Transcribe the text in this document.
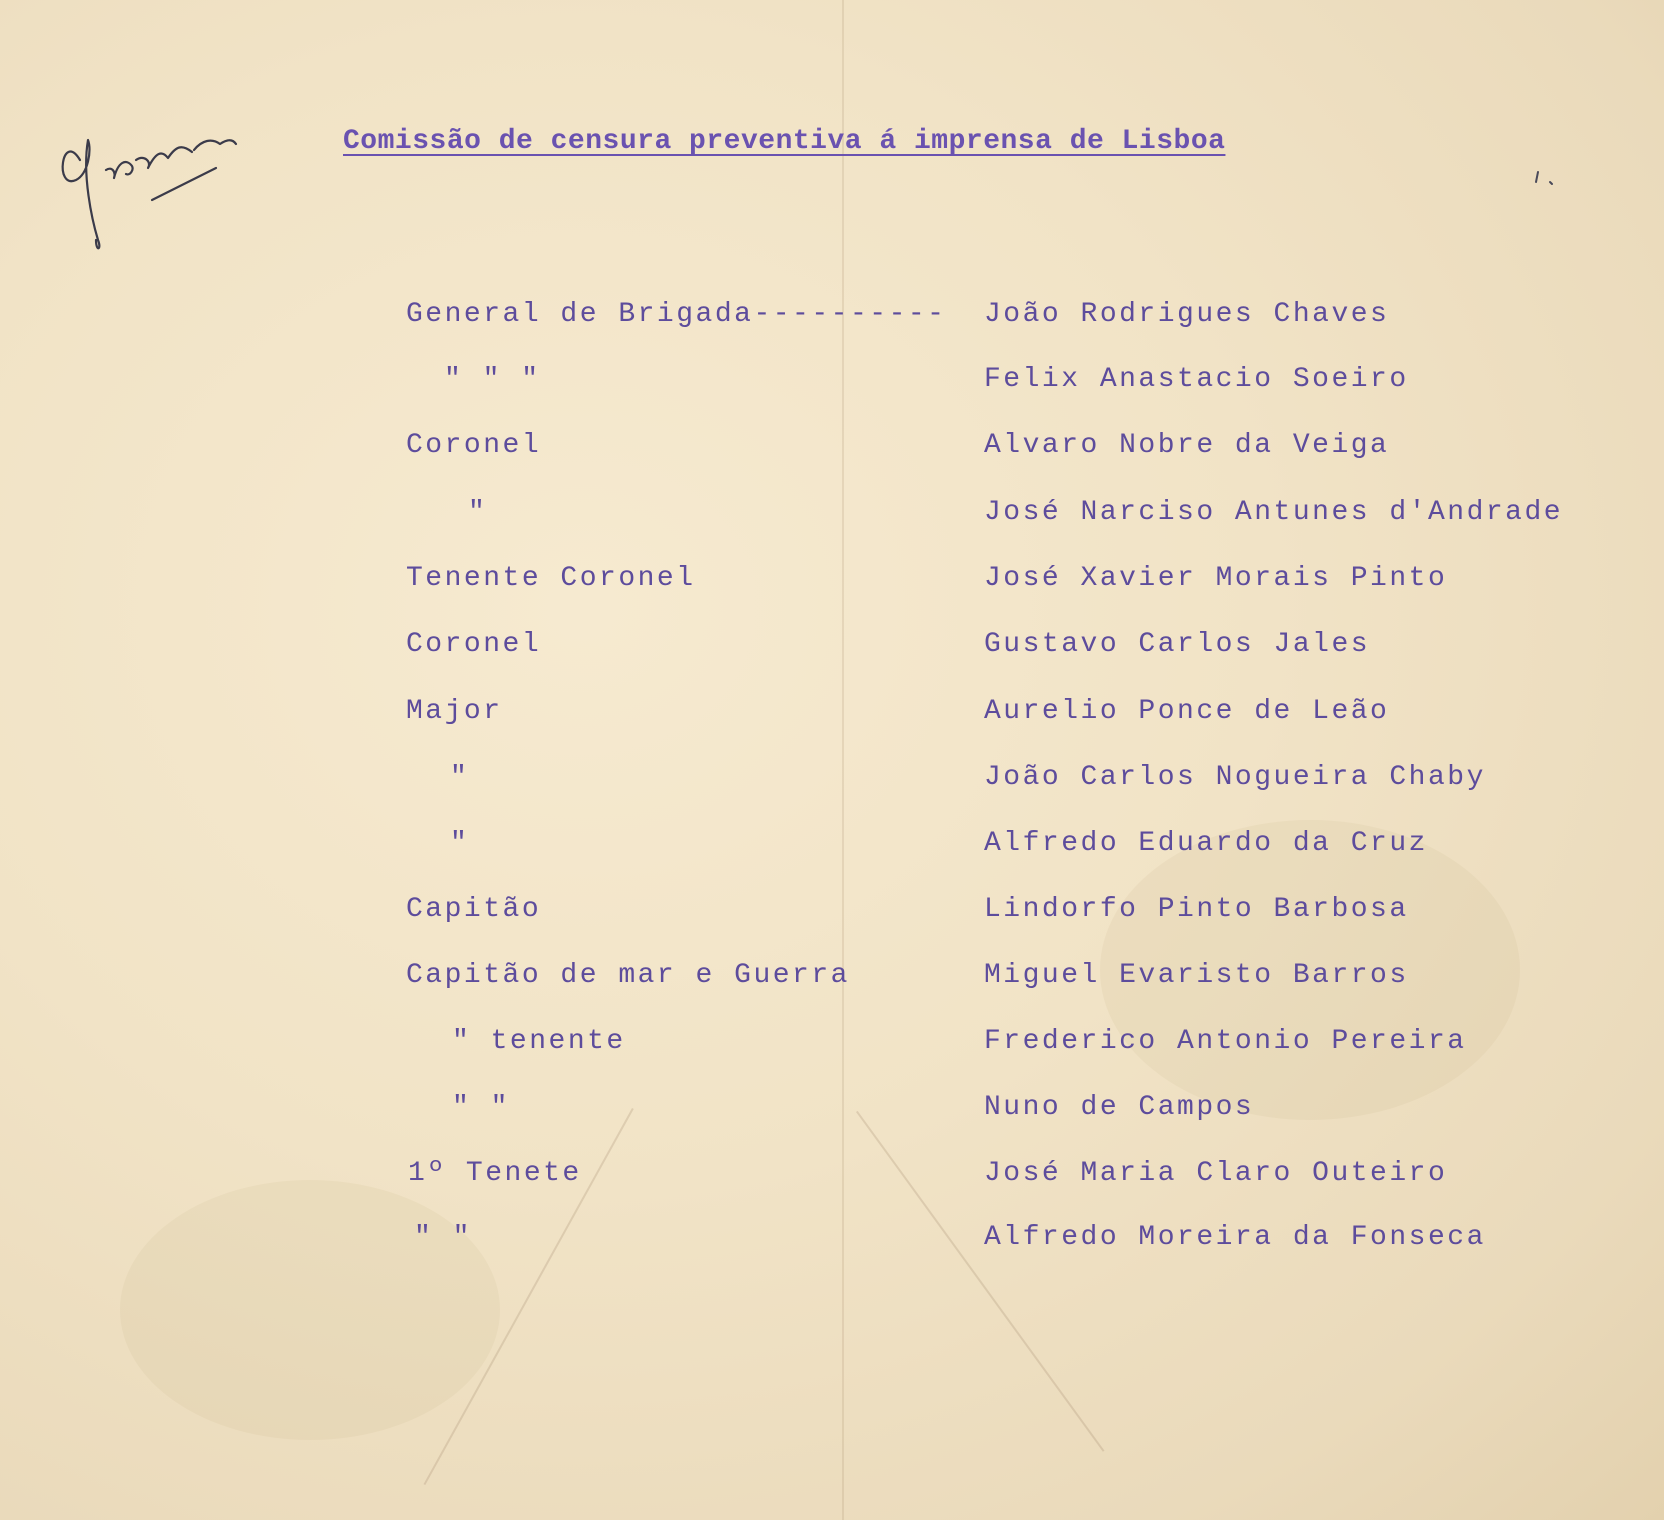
Comissão de censura preventiva á imprensa de Lisboa
General de Brigada---------- João Rodrigues Chaves
" " "	Felix Anastacio Soeiro
Coronel	Alvaro Nobre da Veiga
"	José Narciso Antunes d'Andrade
Tenente Coronel	José Xavier Morais Pinto
Coronel	Gustavo Carlos Jales
Major	Aurelio Ponce de Leão
"	João Carlos Nogueira Chaby
"	Alfredo Eduardo da Cruz
Capitão	Lindorfo Pinto Barbosa
Capitão de mar e Guerra	Miguel Evaristo Barros
" tenente	Frederico Antonio Pereira
" "	Nuno de Campos
1º Tenete	José Maria Claro Outeiro
" "	Alfredo Moreira da Fonseca
